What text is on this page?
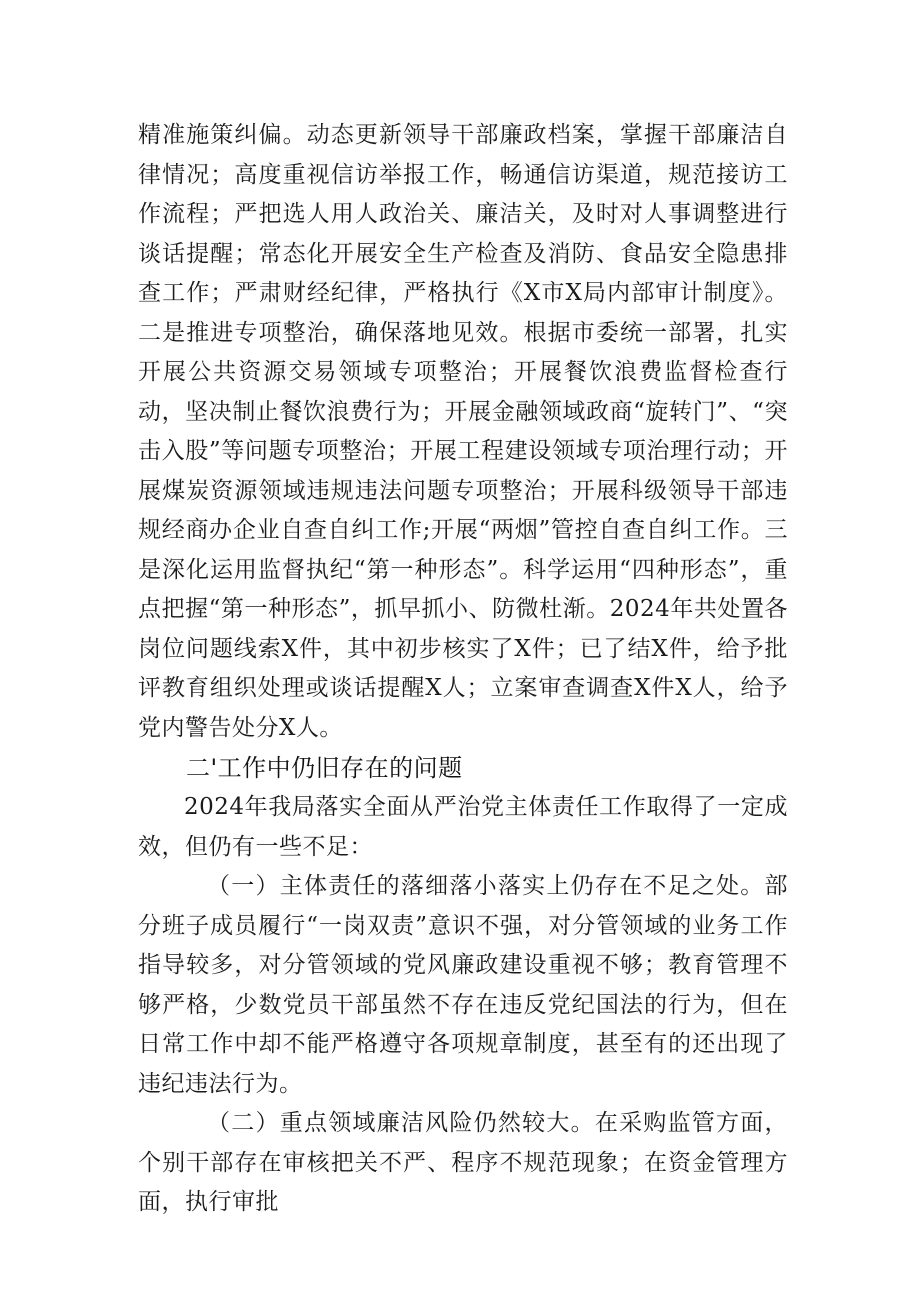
精准施策纠偏。动态更新领导干部廉政档案，掌握干部廉洁自律情况；高度重视信访举报工作，畅通信访渠道，规范接访工作流程；严把选人用人政治关、廉洁关，及时对人事调整进行谈话提醒；常态化开展安全生产检查及消防、食品安全隐患排查工作；严肃财经纪律，严格执行《X市X局内部审计制度》。二是推进专项整治，确保落地见效。根据市委统一部署，扎实开展公共资源交易领域专项整治；开展餐饮浪费监督检查行动，坚决制止餐饮浪费行为；开展金融领域政商“旋转门”、“突击入股”等问题专项整治；开展工程建设领域专项治理行动；开展煤炭资源领域违规违法问题专项整治；开展科级领导干部违规经商办企业自查自纠工作;开展“两烟”管控自查自纠工作。三是深化运用监督执纪“第一种形态”。科学运用“四种形态”，重点把握“第一种形态”，抓早抓小、防微杜渐。2024年共处置各岗位问题线索X件，其中初步核实了X件；已了结X件，给予批评教育组织处理或谈话提醒X人；立案审查调查X件X人，给予党内警告处分X人。

二'工作中仍旧存在的问题

2024年我局落实全面从严治党主体责任工作取得了一定成效，但仍有一些不足：

（一）主体责任的落细落小落实上仍存在不足之处。部分班子成员履行“一岗双责”意识不强，对分管领域的业务工作指导较多，对分管领域的党风廉政建设重视不够；教育管理不够严格，少数党员干部虽然不存在违反党纪国法的行为，但在日常工作中却不能严格遵守各项规章制度，甚至有的还出现了违纪违法行为。

（二）重点领域廉洁风险仍然较大。在采购监管方面，个别干部存在审核把关不严、程序不规范现象；在资金管理方面，执行审批
